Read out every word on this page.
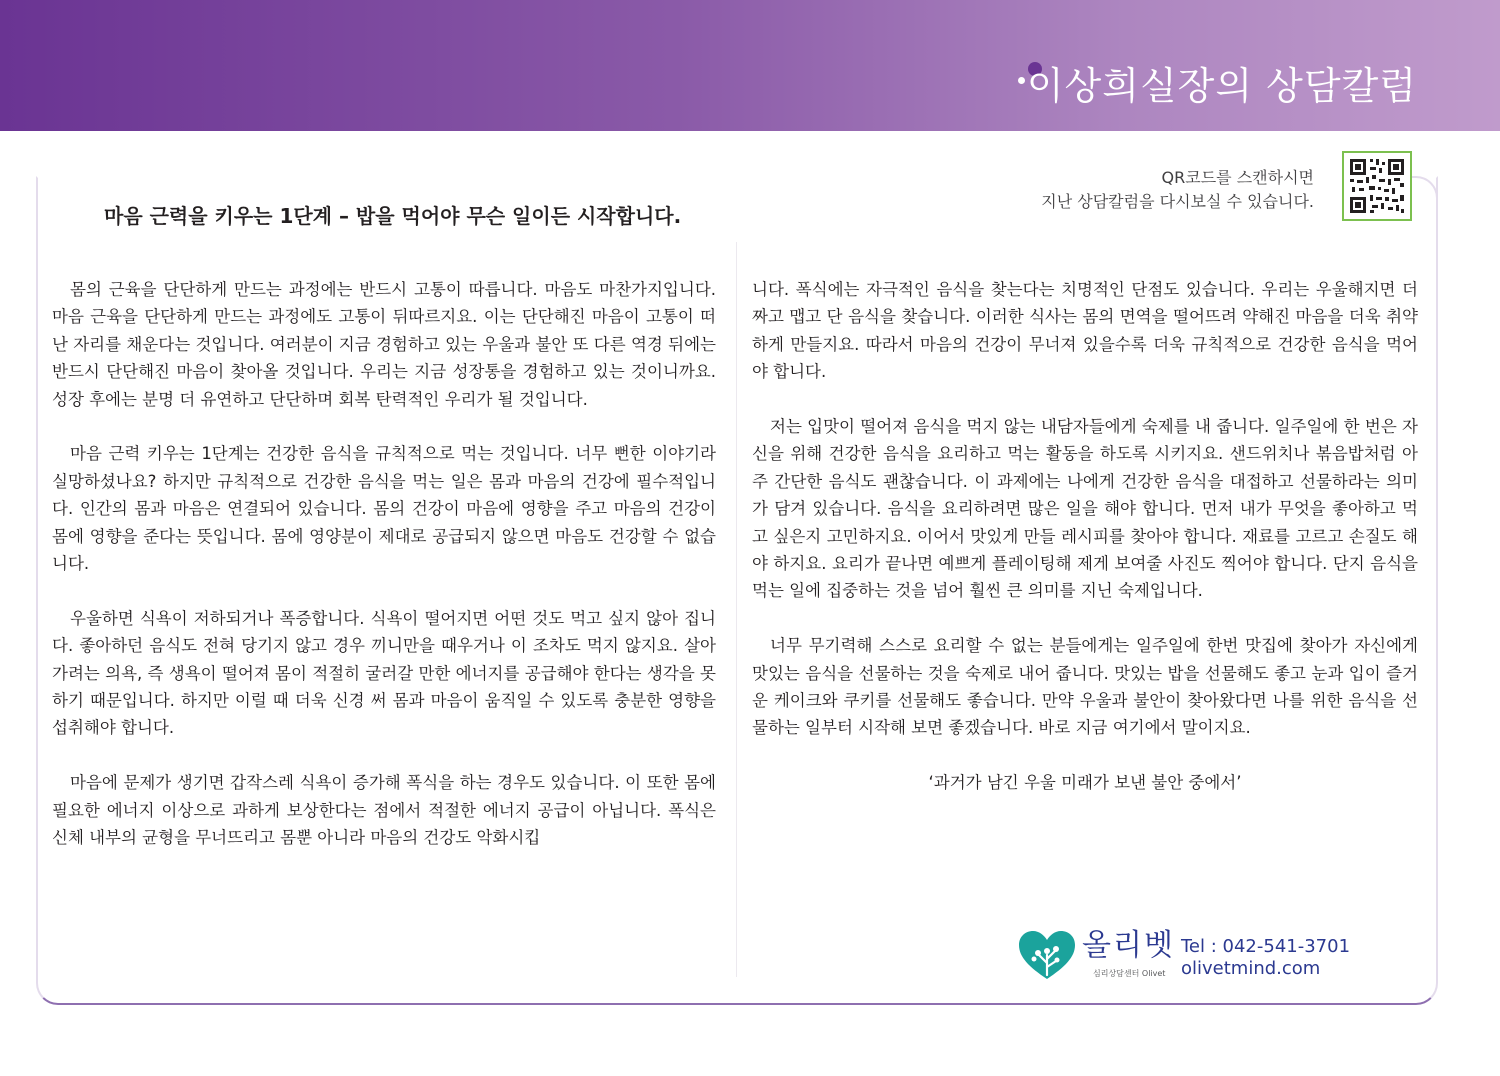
이상희실장의 상담칼럼
마음 근력을 키우는 1단계 – 밥을 먹어야 무슨 일이든 시작합니다.
QR코드를 스캔하시면
지난 상담칼럼을 다시보실 수 있습니다.

몸의 근육을 단단하게 만드는 과정에는 반드시 고통이 따릅니다. 마음도 마찬가지입니다. 마음 근육을 단단하게 만드는 과정에도 고통이 뒤따르지요. 이는 단단해진 마음이 고통이 떠난 자리를 채운다는 것입니다. 여러분이 지금 경험하고 있는 우울과 불안 또 다른 역경 뒤에는 반드시 단단해진 마음이 찾아올 것입니다. 우리는 지금 성장통을 경험하고 있는 것이니까요. 성장 후에는 분명 더 유연하고 단단하며 회복 탄력적인 우리가 될 것입니다.

마음 근력 키우는 1단계는 건강한 음식을 규칙적으로 먹는 것입니다. 너무 뻔한 이야기라 실망하셨나요? 하지만 규칙적으로 건강한 음식을 먹는 일은 몸과 마음의 건강에 필수적입니다. 인간의 몸과 마음은 연결되어 있습니다. 몸의 건강이 마음에 영향을 주고 마음의 건강이 몸에 영향을 준다는 뜻입니다. 몸에 영양분이 제대로 공급되지 않으면 마음도 건강할 수 없습니다.

우울하면 식욕이 저하되거나 폭증합니다. 식욕이 떨어지면 어떤 것도 먹고 싶지 않아 집니다. 좋아하던 음식도 전혀 당기지 않고 경우 끼니만을 때우거나 이 조차도 먹지 않지요. 살아가려는 의욕, 즉 생욕이 떨어져 몸이 적절히 굴러갈 만한 에너지를 공급해야 한다는 생각을 못하기 때문입니다. 하지만 이럴 때 더욱 신경 써 몸과 마음이 움직일 수 있도록 충분한 영향을 섭취해야 합니다.

마음에 문제가 생기면 갑작스레 식욕이 증가해 폭식을 하는 경우도 있습니다. 이 또한 몸에 필요한 에너지 이상으로 과하게 보상한다는 점에서 적절한 에너지 공급이 아닙니다. 폭식은 신체 내부의 균형을 무너뜨리고 몸뿐 아니라 마음의 건강도 악화시킵

니다. 폭식에는 자극적인 음식을 찾는다는 치명적인 단점도 있습니다. 우리는 우울해지면 더 짜고 맵고 단 음식을 찾습니다. 이러한 식사는 몸의 면역을 떨어뜨려 약해진 마음을 더욱 취약하게 만들지요. 따라서 마음의 건강이 무너져 있을수록 더욱 규칙적으로 건강한 음식을 먹어야 합니다.

저는 입맛이 떨어져 음식을 먹지 않는 내담자들에게 숙제를 내 줍니다. 일주일에 한 번은 자신을 위해 건강한 음식을 요리하고 먹는 활동을 하도록 시키지요. 샌드위치나 볶음밥처럼 아주 간단한 음식도 괜찮습니다. 이 과제에는 나에게 건강한 음식을 대접하고 선물하라는 의미가 담겨 있습니다. 음식을 요리하려면 많은 일을 해야 합니다. 먼저 내가 무엇을 좋아하고 먹고 싶은지 고민하지요. 이어서 맛있게 만들 레시피를 찾아야 합니다. 재료를 고르고 손질도 해야 하지요. 요리가 끝나면 예쁘게 플레이팅해 제게 보여줄 사진도 찍어야 합니다. 단지 음식을 먹는 일에 집중하는 것을 넘어 훨씬 큰 의미를 지닌 숙제입니다.

너무 무기력해 스스로 요리할 수 없는 분들에게는 일주일에 한번 맛집에 찾아가 자신에게 맛있는 음식을 선물하는 것을 숙제로 내어 줍니다. 맛있는 밥을 선물해도 좋고 눈과 입이 즐거운 케이크와 쿠키를 선물해도 좋습니다. 만약 우울과 불안이 찾아왔다면 나를 위한 음식을 선물하는 일부터 시작해 보면 좋겠습니다. 바로 지금 여기에서 말이지요.

‘과거가 남긴 우울 미래가 보낸 불안 중에서’

올리벳
심리상담센터 Olivet
Tel : 042-541-3701
olivetmind.com
